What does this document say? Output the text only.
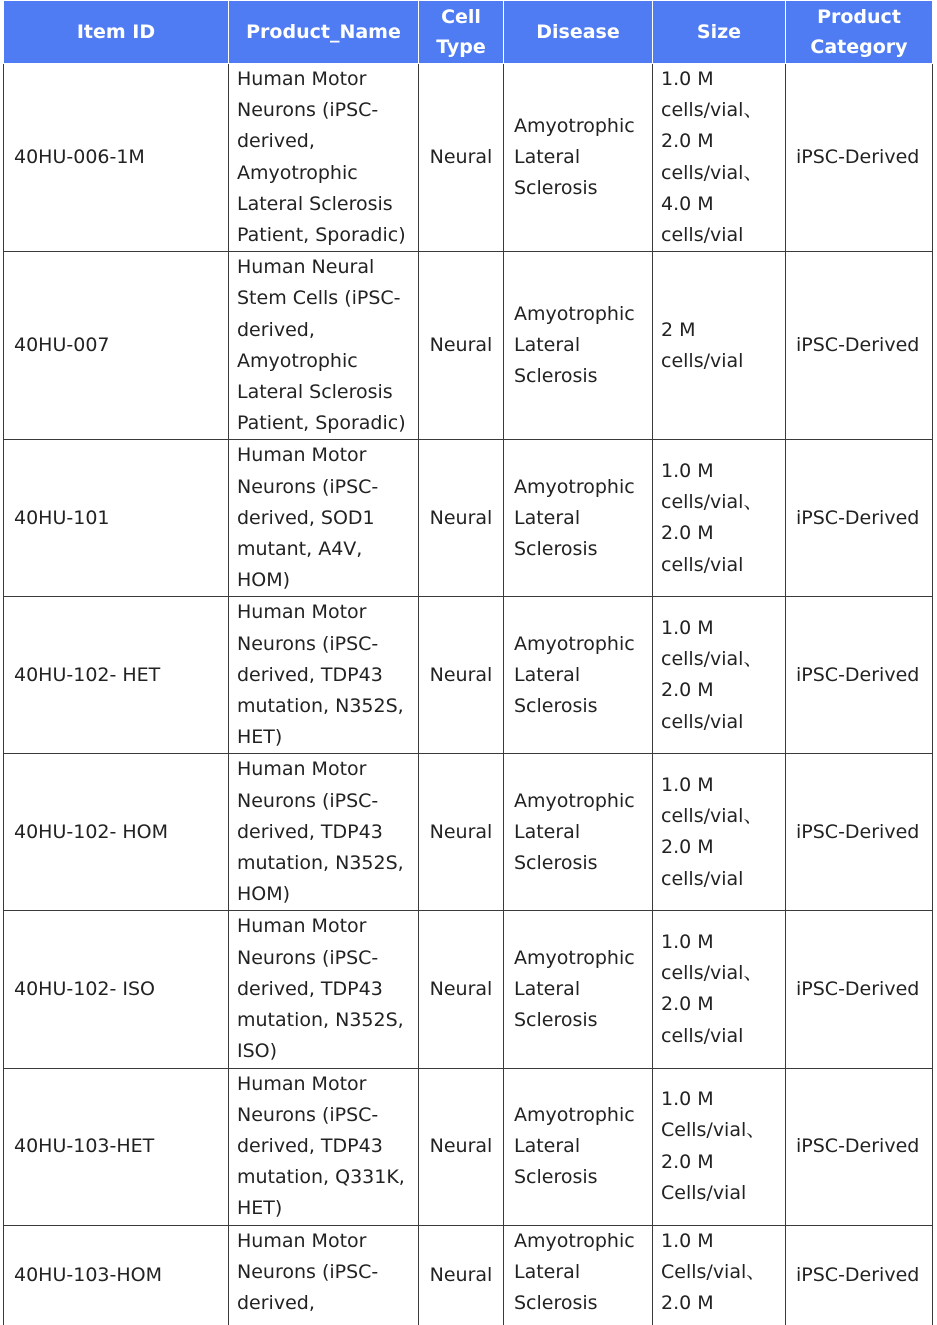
Item ID	Product_Name	Cell Type	Disease	Size	Product Category
40HU-006-1M	Human Motor Neurons (iPSC-derived, Amyotrophic Lateral Sclerosis Patient, Sporadic)	Neural	Amyotrophic Lateral Sclerosis	1.0 M cells/vial、2.0 M cells/vial、4.0 M cells/vial	iPSC-Derived
40HU-007	Human Neural Stem Cells (iPSC-derived, Amyotrophic Lateral Sclerosis Patient, Sporadic)	Neural	Amyotrophic Lateral Sclerosis	2 M cells/vial	iPSC-Derived
40HU-101	Human Motor Neurons (iPSC-derived, SOD1 mutant, A4V, HOM)	Neural	Amyotrophic Lateral Sclerosis	1.0 M cells/vial、2.0 M cells/vial	iPSC-Derived
40HU-102- HET	Human Motor Neurons (iPSC-derived, TDP43 mutation, N352S, HET)	Neural	Amyotrophic Lateral Sclerosis	1.0 M cells/vial、2.0 M cells/vial	iPSC-Derived
40HU-102- HOM	Human Motor Neurons (iPSC-derived, TDP43 mutation, N352S, HOM)	Neural	Amyotrophic Lateral Sclerosis	1.0 M cells/vial、2.0 M cells/vial	iPSC-Derived
40HU-102- ISO	Human Motor Neurons (iPSC-derived, TDP43 mutation, N352S, ISO)	Neural	Amyotrophic Lateral Sclerosis	1.0 M cells/vial、2.0 M cells/vial	iPSC-Derived
40HU-103-HET	Human Motor Neurons (iPSC-derived, TDP43 mutation, Q331K, HET)	Neural	Amyotrophic Lateral Sclerosis	1.0 M Cells/vial、2.0 M Cells/vial	iPSC-Derived
40HU-103-HOM	Human Motor Neurons (iPSC-derived,	Neural	Amyotrophic Lateral Sclerosis	1.0 M Cells/vial、2.0 M	iPSC-Derived
